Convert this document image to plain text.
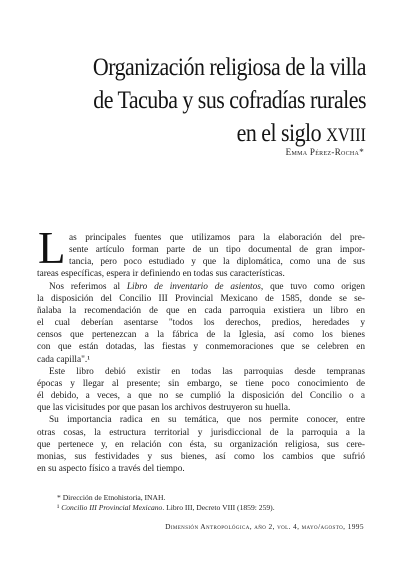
Organización religiosa de la villa
de Tacuba y sus cofradías rurales
en el siglo XVIII
Emma Pérez-Rocha*
L as principales fuentes que utilizamos para la elaboración del pre-
sente artículo forman parte de un tipo documental de gran impor-
tancia, pero poco estudiado y que la diplomática, como una de sus
tareas específicas, espera ir definiendo en todas sus características.
Nos referimos al Libro de inventario de asientos, que tuvo como origen
la disposición del Concilio III Provincial Mexicano de 1585, donde se se-
ñalaba la recomendación de que en cada parroquia existiera un libro en
el cual deberían asentarse "todos los derechos, predios, heredades y
censos que pertenezcan a la fábrica de la Iglesia, así como los bienes
con que están dotadas, las fiestas y conmemoraciones que se celebren en
cada capilla".¹
Este libro debió existir en todas las parroquias desde tempranas
épocas y llegar al presente; sin embargo, se tiene poco conocimiento de
él debido, a veces, a que no se cumplió la disposición del Concilio o a
que las vicisitudes por que pasan los archivos destruyeron su huella.
Su importancia radica en su temática, que nos permite conocer, entre
otras cosas, la estructura territorial y jurisdiccional de la parroquia a la
que pertenece y, en relación con ésta, su organización religiosa, sus cere-
monias, sus festividades y sus bienes, así como los cambios que sufrió
en su aspecto físico a través del tiempo.
* Dirección de Etnohistoria, INAH.
¹ Concilio III Provincial Mexicano. Libro III, Decreto VIII (1859: 259).
Dimensión Antropológica, año 2, vol. 4, mayo/agosto, 1995
